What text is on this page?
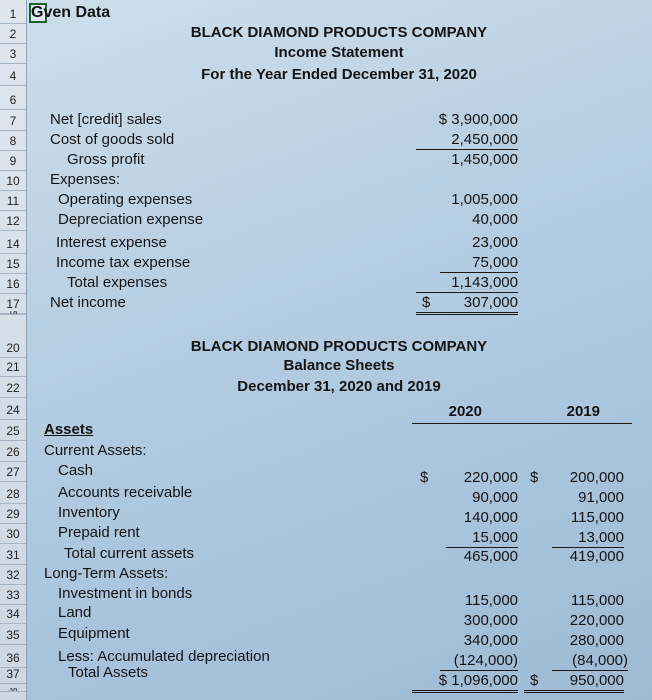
1
2
3
4
6
7
8
9
10
11
12
14
15
16
17
20
21
22
24
25
26
27
28
29
30
31
32
33
34
35
36
37
Gven Data
BLACK DIAMOND PRODUCTS COMPANY
Income Statement
For the Year Ended December 31, 2020
Net [credit] sales	$ 3,900,000
Cost of goods sold	2,450,000
Gross profit	1,450,000
Expenses:
Operating expenses	1,005,000
Depreciation expense	40,000
Interest expense	23,000
Income tax expense	75,000
Total expenses	1,143,000
Net income	$ 307,000

BLACK DIAMOND PRODUCTS COMPANY
Balance Sheets
December 31, 2020 and 2019
2020	2019
Assets
Current Assets:
Cash	$	220,000 $	200,000
Accounts receivable	90,000	91,000
Inventory	140,000	115,000
Prepaid rent	15,000	13,000
Total current assets	465,000	419,000
Long-Term Assets:
Investment in bonds	115,000	115,000
Land	300,000	220,000
Equipment	340,000	280,000
Less: Accumulated depreciation	(124,000)	(84,000)
Total Assets	$ 1,096,000 $ 950,000
